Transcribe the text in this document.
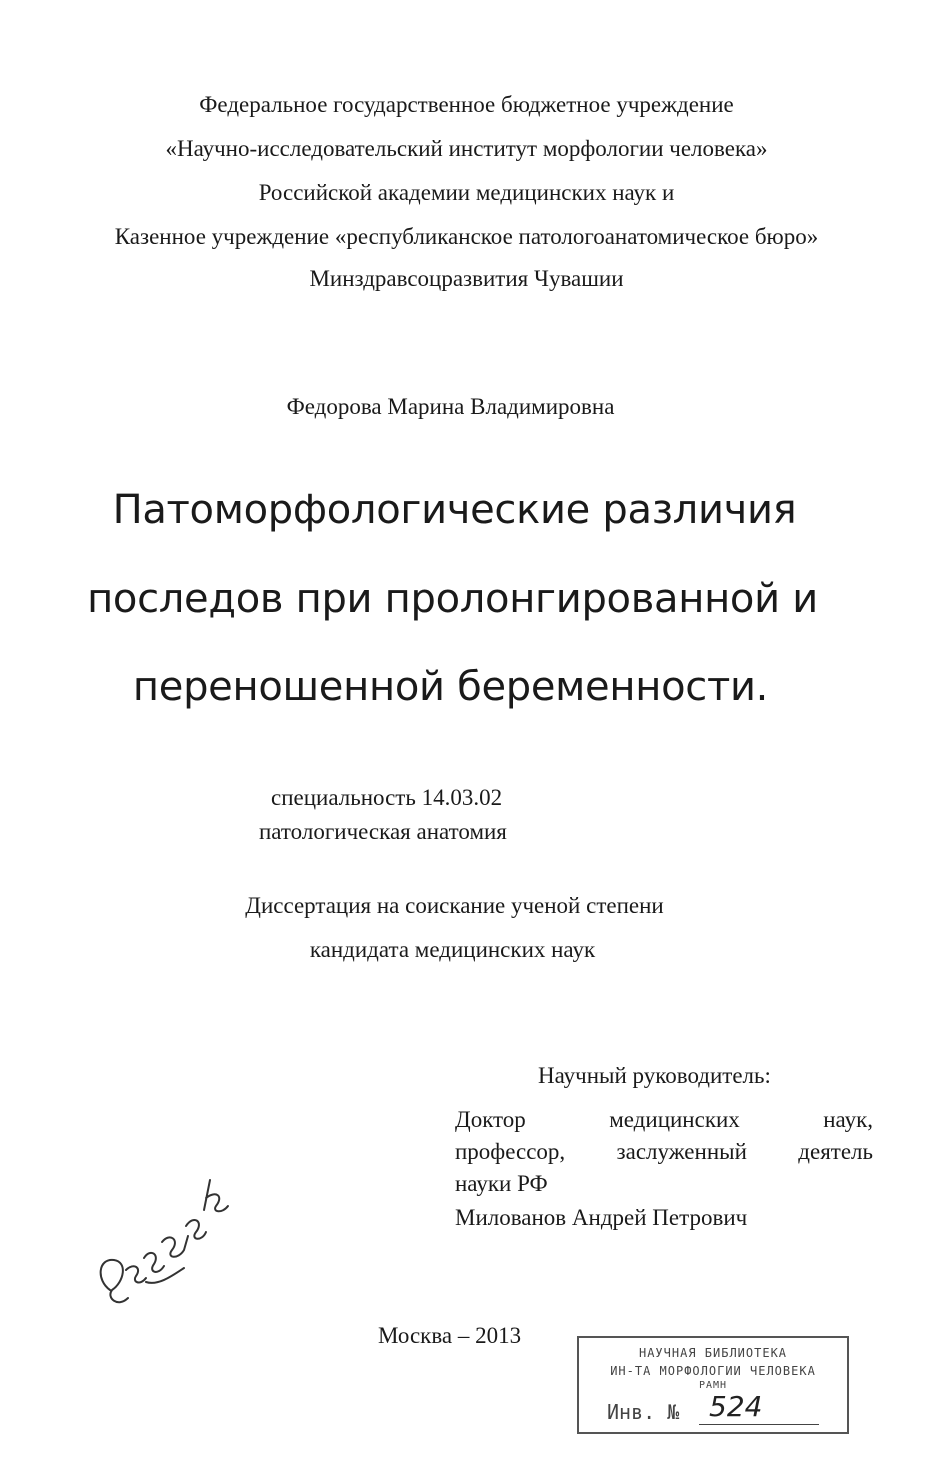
Федеральное государственное бюджетное учреждение
«Научно-исследовательский институт морфологии человека»
Российской академии медицинских наук и
Казенное учреждение «республиканское патологоанатомическое бюро»
Минздравсоцразвития Чувашии
Федорова Марина Владимировна
Патоморфологические различия
последов при пролонгированной и
переношенной беременности.
специальность 14.03.02
патологическая анатомия
Диссертация на соискание ученой степени
кандидата медицинских наук
Научный руководитель:
Доктор	медицинских	наук,
профессор, заслуженный деятель
науки РФ
Милованов Андрей Петрович
Москва – 2013
НАУЧНАЯ БИБЛИОТЕКА
ИН-ТА МОРФОЛОГИИ ЧЕЛОВЕКА
РАМН
Инв. № 524
